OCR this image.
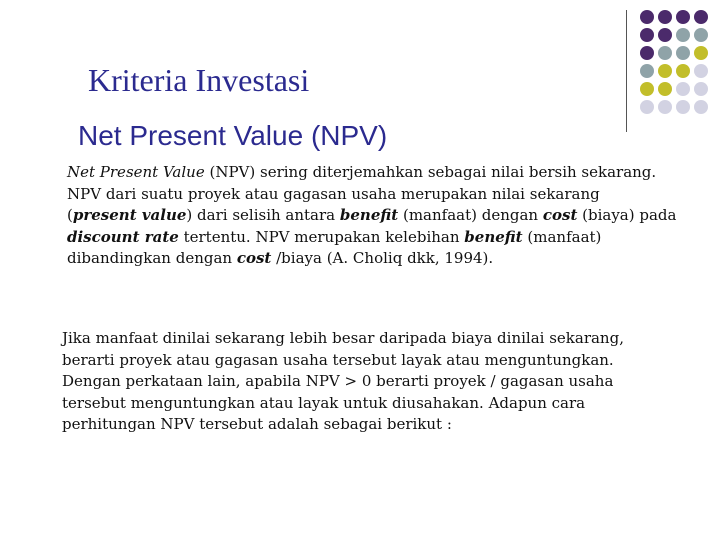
Kriteria Investasi
Net Present Value (NPV)
Net Present Value (NPV) sering diterjemahkan sebagai nilai bersih sekarang.
NPV dari suatu proyek atau gagasan usaha merupakan nilai sekarang
(present value) dari selisih antara benefit (manfaat) dengan cost (biaya) pada
discount rate tertentu. NPV merupakan kelebihan benefit (manfaat)
dibandingkan dengan cost /biaya (A. Choliq dkk, 1994).
Jika manfaat dinilai sekarang lebih besar daripada biaya dinilai sekarang,
berarti proyek atau gagasan usaha tersebut layak atau menguntungkan.
Dengan perkataan lain, apabila NPV > 0 berarti proyek / gagasan usaha
tersebut menguntungkan atau layak untuk diusahakan. Adapun cara
perhitungan NPV tersebut adalah sebagai berikut :
